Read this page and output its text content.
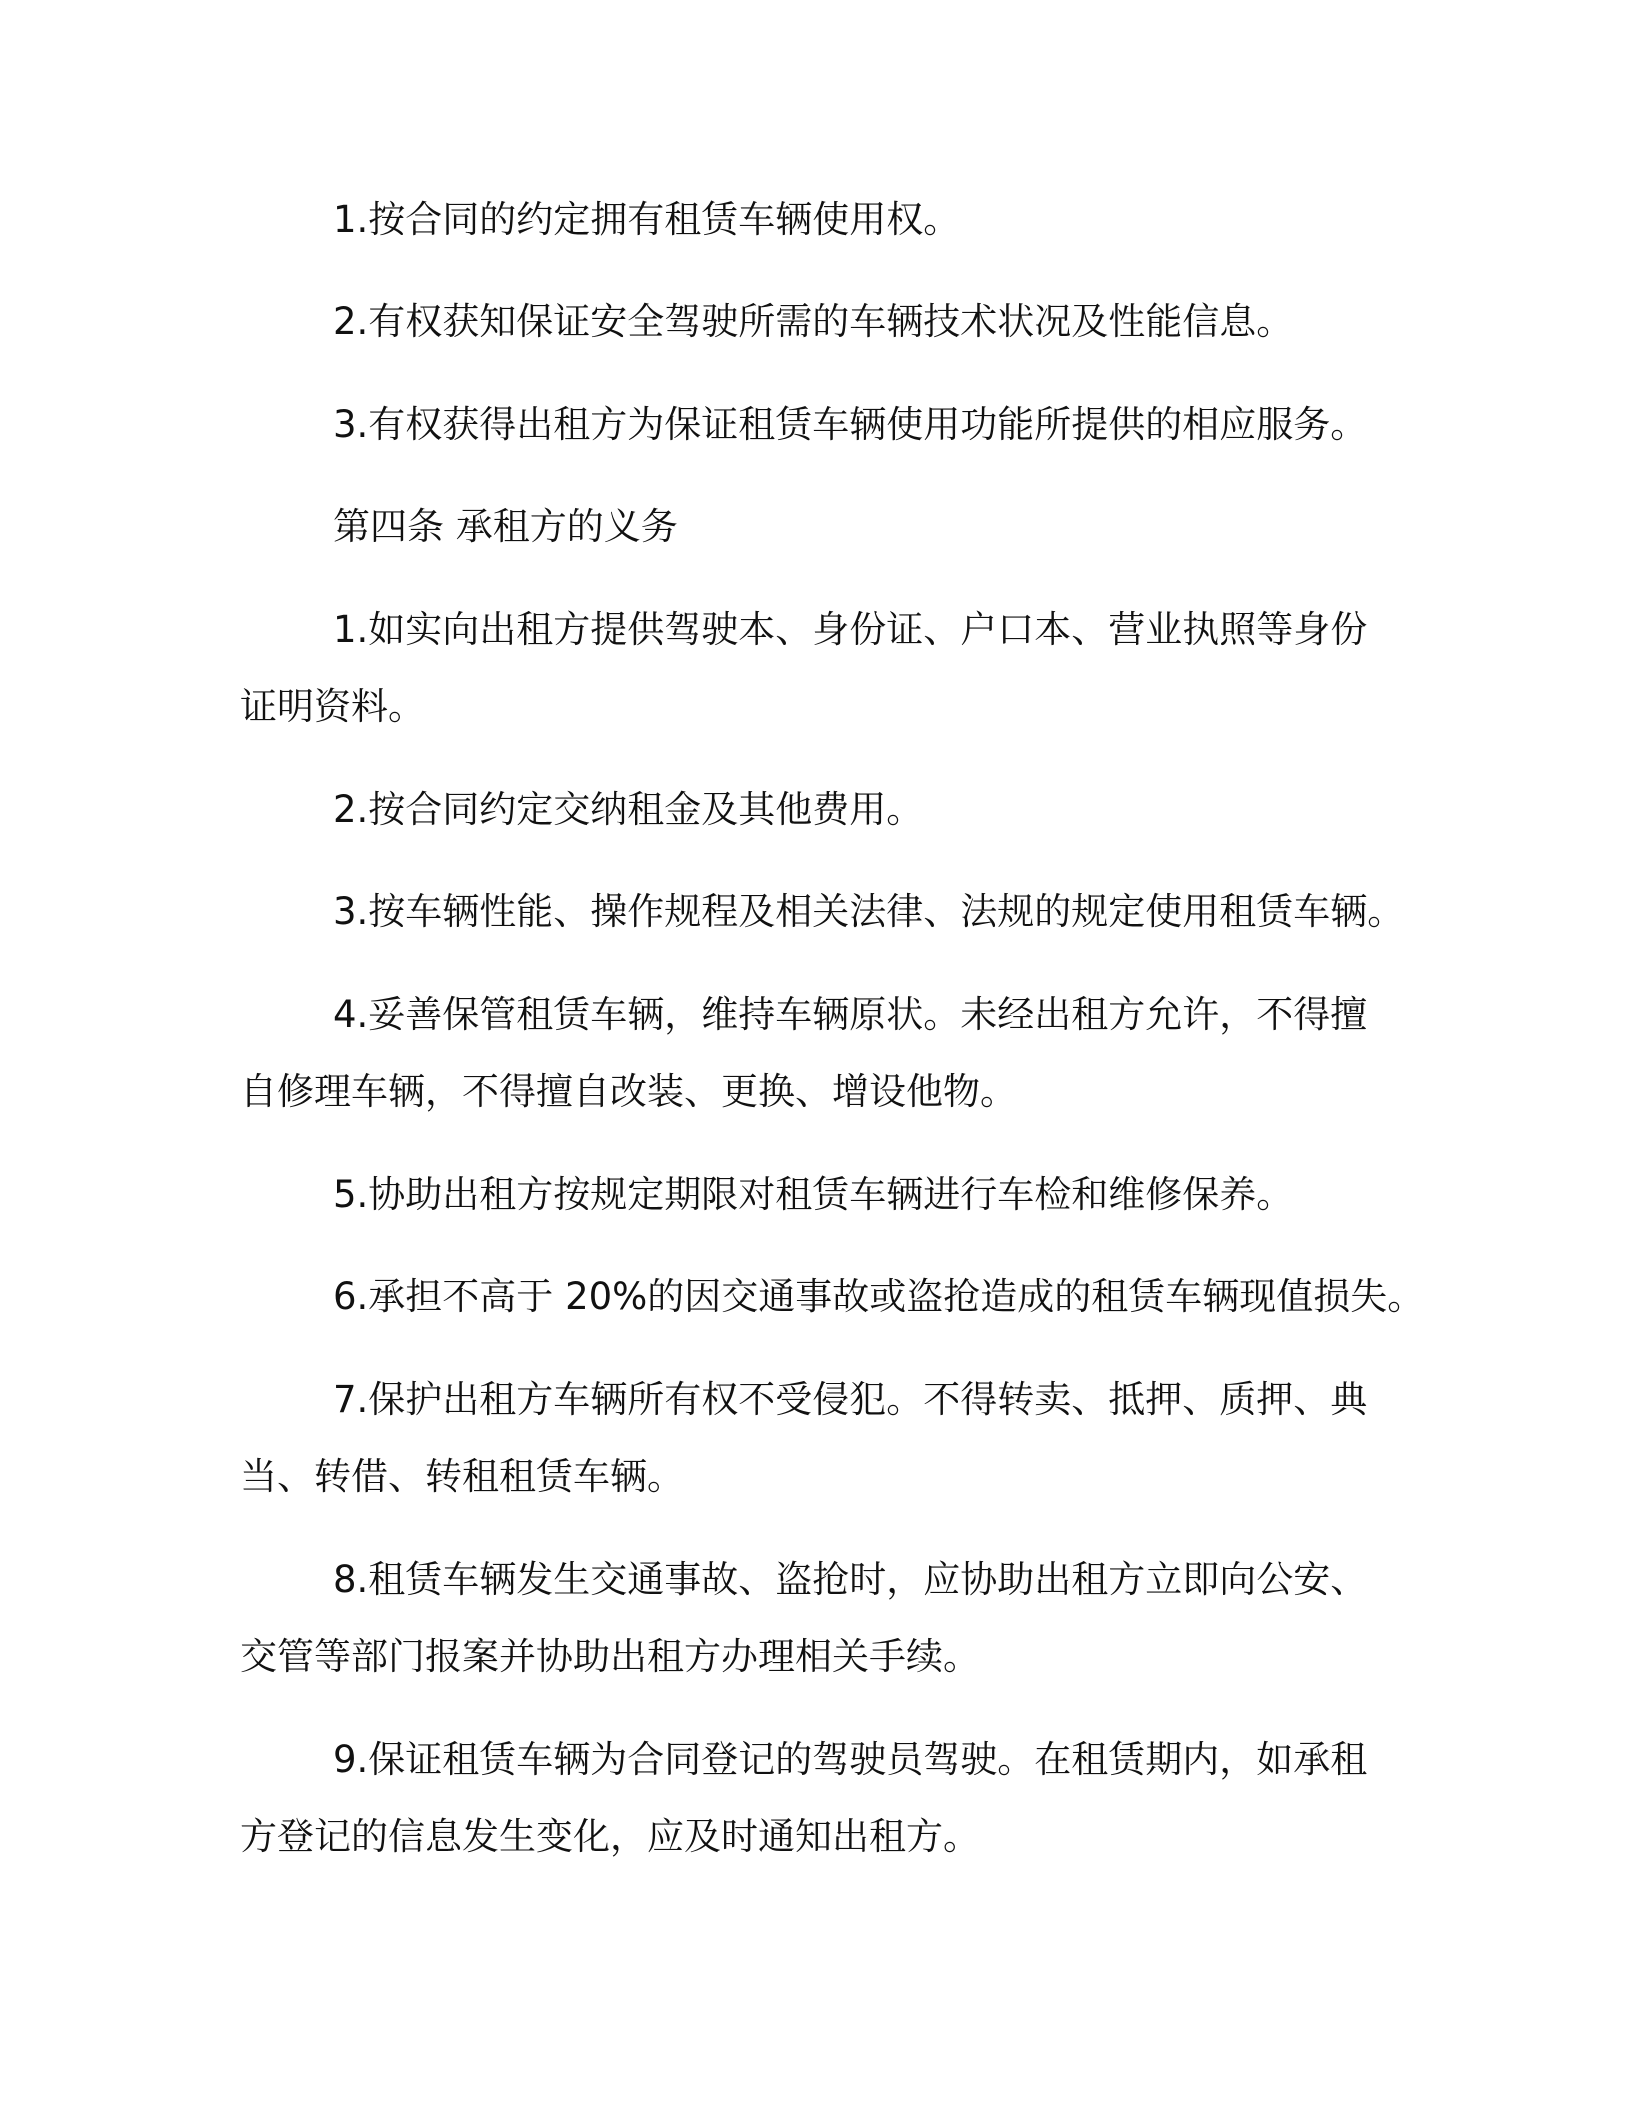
1.按合同的约定拥有租赁车辆使用权。
2.有权获知保证安全驾驶所需的车辆技术状况及性能信息。
3.有权获得出租方为保证租赁车辆使用功能所提供的相应服务。
第四条 承租方的义务
1.如实向出租方提供驾驶本、身份证、户口本、营业执照等身份
证明资料。
2.按合同约定交纳租金及其他费用。
3.按车辆性能、操作规程及相关法律、法规的规定使用租赁车辆。
4.妥善保管租赁车辆，维持车辆原状。未经出租方允许，不得擅
自修理车辆，不得擅自改装、更换、增设他物。
5.协助出租方按规定期限对租赁车辆进行车检和维修保养。
6.承担不高于 20%的因交通事故或盗抢造成的租赁车辆现值损失。
7.保护出租方车辆所有权不受侵犯。不得转卖、抵押、质押、典
当、转借、转租租赁车辆。
8.租赁车辆发生交通事故、盗抢时，应协助出租方立即向公安、
交管等部门报案并协助出租方办理相关手续。
9.保证租赁车辆为合同登记的驾驶员驾驶。在租赁期内，如承租
方登记的信息发生变化，应及时通知出租方。
